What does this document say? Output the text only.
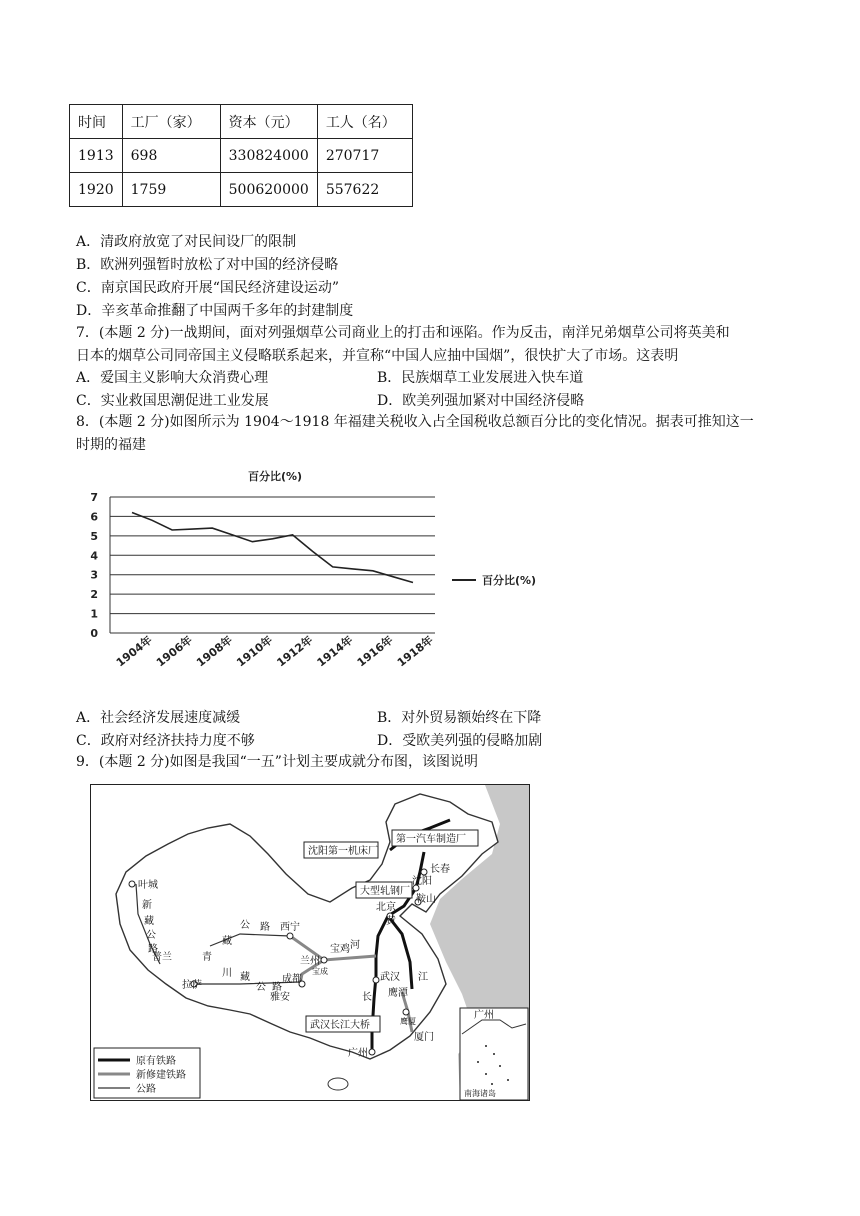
时间	工厂（家）	资本（元）	工人（名）
1913	698	330824000	270717
1920	1759	500620000	557622
A．清政府放宽了对民间设厂的限制
B．欧洲列强暂时放松了对中国的经济侵略
C．南京国民政府开展“国民经济建设运动”
D．辛亥革命推翻了中国两千多年的封建制度
7．(本题 2 分)一战期间，面对列强烟草公司商业上的打击和诬陷。作为反击，南洋兄弟烟草公司将英美和
日本的烟草公司同帝国主义侵略联系起来，并宣称“中国人应抽中国烟”，很快扩大了市场。这表明
A．爱国主义影响大众消费心理	B．民族烟草工业发展进入快车道
C．实业救国思潮促进工业发展	D．欧美列强加紧对中国经济侵略
8．(本题 2 分)如图所示为 1904～1918 年福建关税收入占全国税收总额百分比的变化情况。据表可推知这一
时期的福建
百分比(%)
0
1
2
3
4
5
6
7
1904年 1906年 1908年 1910年 1912年 1914年 1916年 1918年
百分比(%)
A．社会经济发展速度减缓	B．对外贸易额始终在下降
C．政府对经济扶持力度不够	D．受欧美列强的侵略加剧
9．(本题 2 分)如图是我国“一五”计划主要成就分布图，该图说明
广州
南海诸岛
沈阳第一机床厂
第一汽车制造厂
大型轧钢厂
武汉长江大桥
长春
沈阳
鞍山
北京
黄
河
西宁
兰州
宝鸡
成都
雅安
拉萨
武汉
鹰潭
江
长
厦门
广州
叶城
新
藏
公
路
普兰	青
藏
公 路
川 藏
公 路
宝成
鹰厦
原有铁路
新修建铁路
公路
